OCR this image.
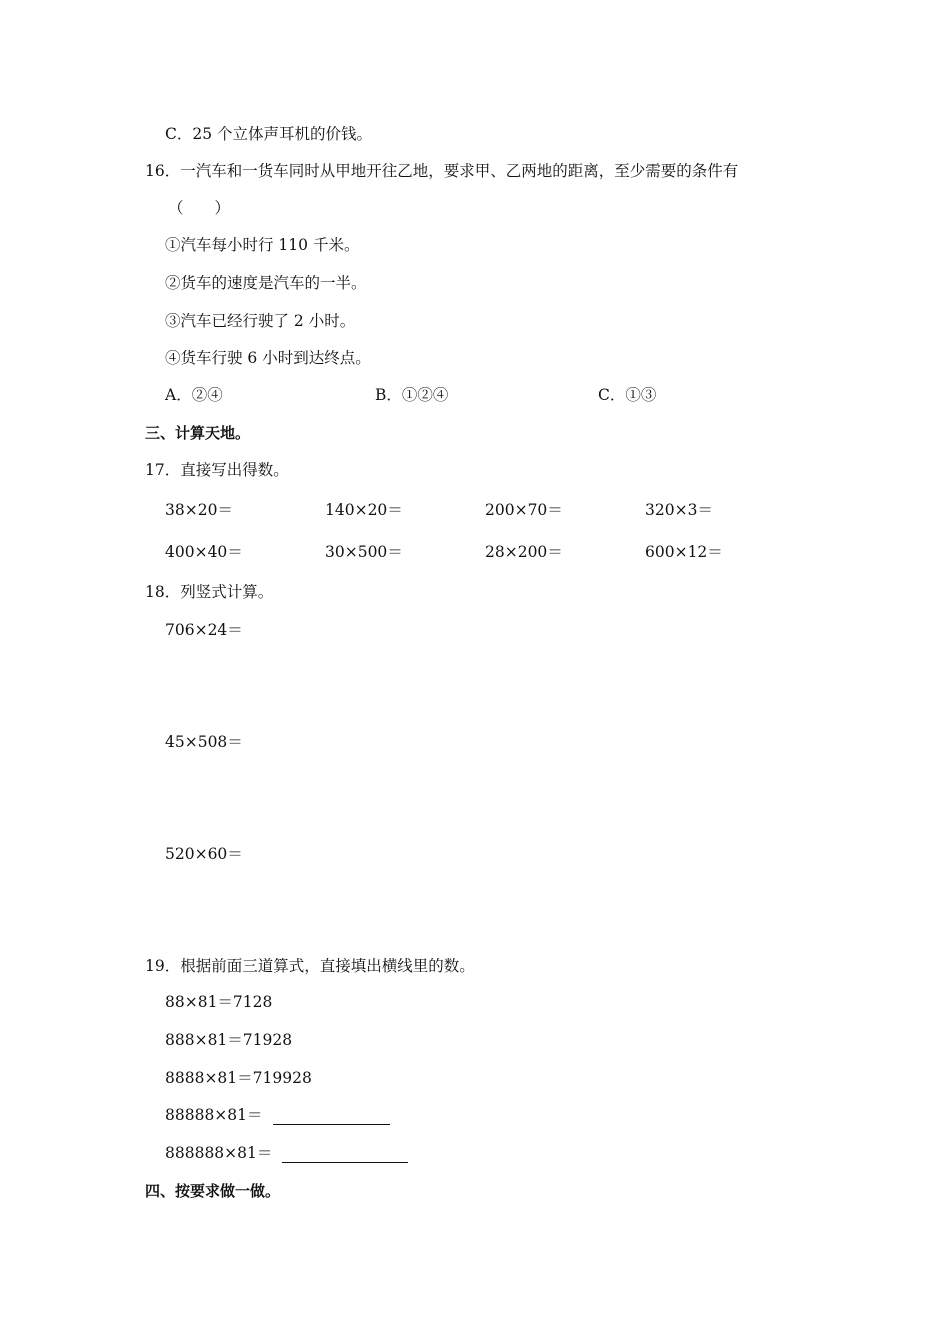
C．25 个立体声耳机的价钱。
16．一汽车和一货车同时从甲地开往乙地，要求甲、乙两地的距离，至少需要的条件有
（　　）
①汽车每小时行 110 千米。
②货车的速度是汽车的一半。
③汽车已经行驶了 2 小时。
④货车行驶 6 小时到达终点。
A．②④	B．①②④	C．①③
三、计算天地。
17．直接写出得数。
38×20＝	140×20＝	200×70＝	320×3＝
400×40＝	30×500＝	28×200＝	600×12＝
18．列竖式计算。
706×24＝
45×508＝
520×60＝
19．根据前面三道算式，直接填出横线里的数。
88×81＝7128
888×81＝71928
8888×81＝719928
88888×81＝
888888×81＝
四、按要求做一做。
